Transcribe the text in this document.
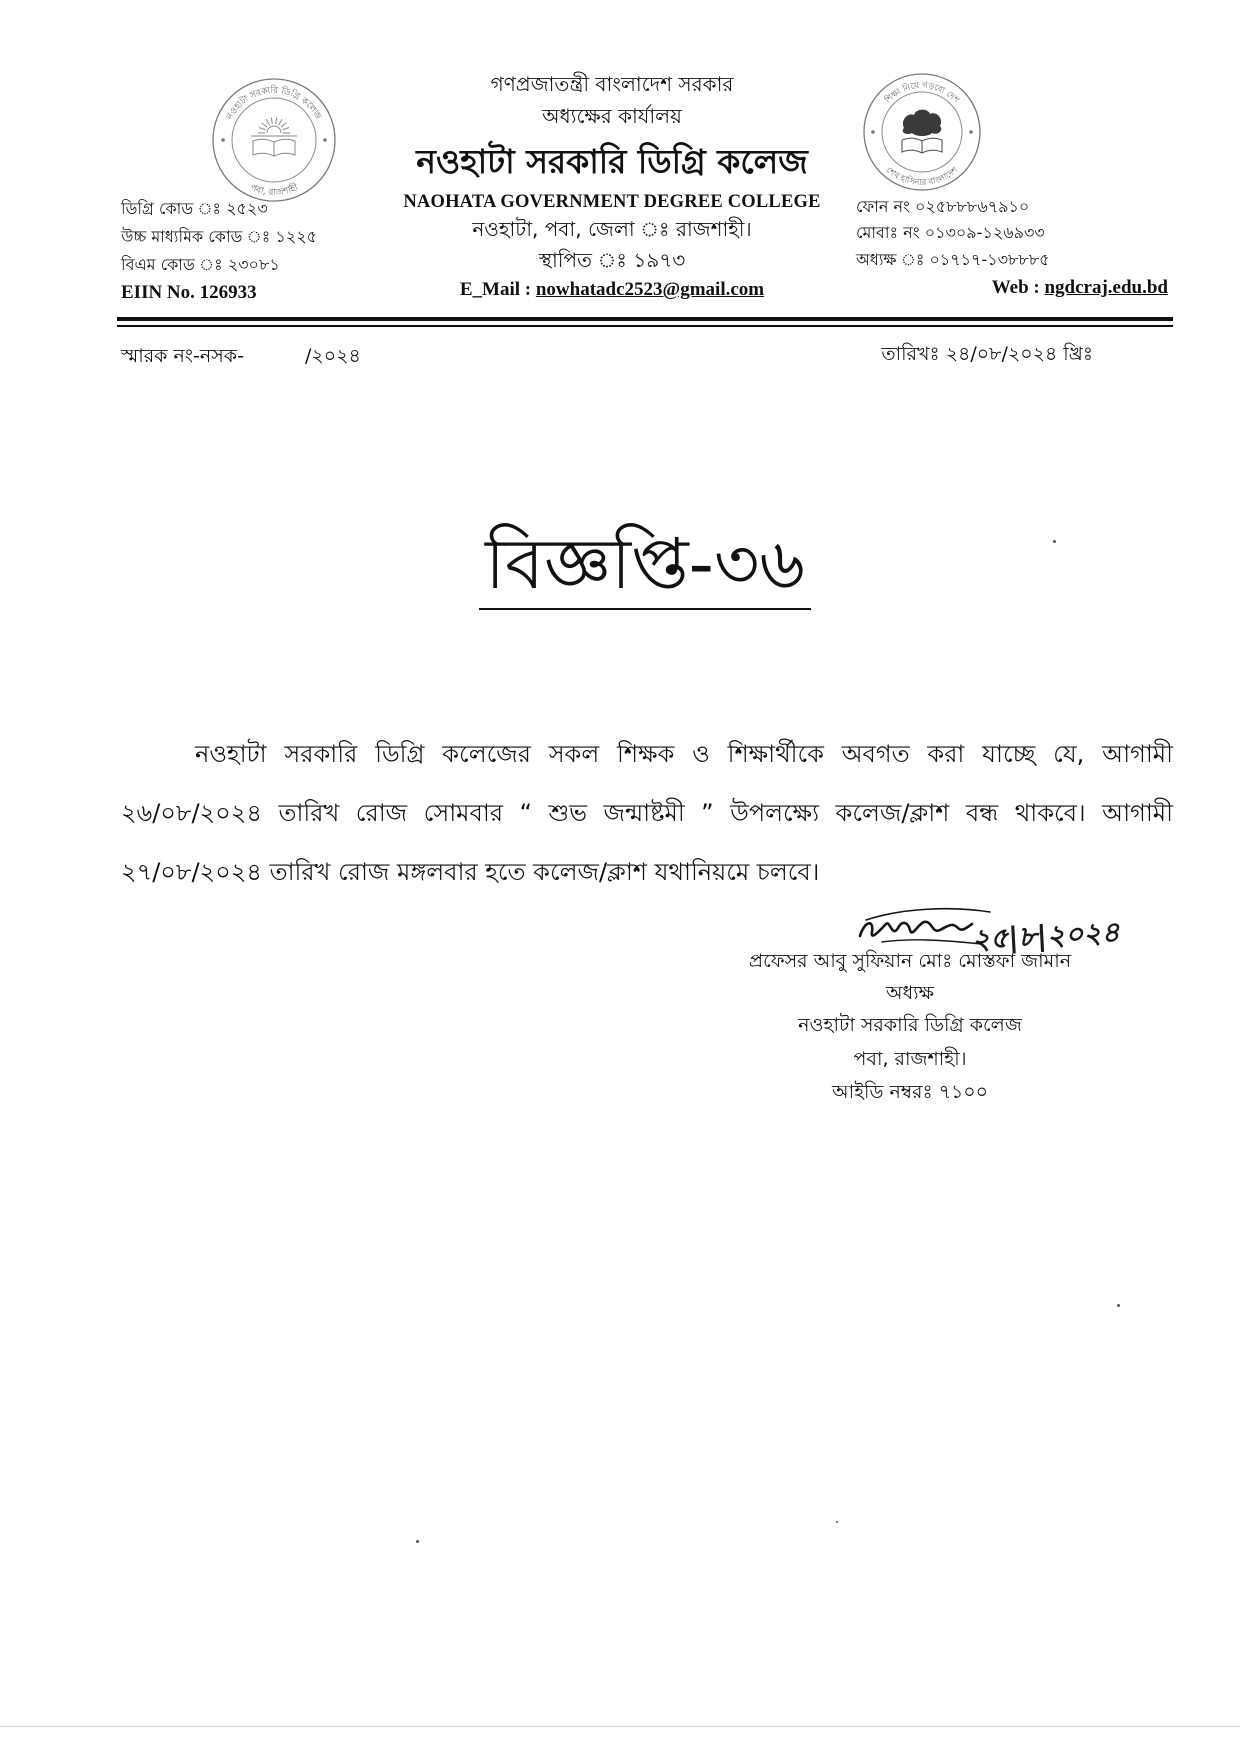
নওহাটা সরকারি ডিগ্রি কলেজ
পবা, রাজশাহী
শিক্ষা নিয়ে গড়বো দেশ
শেখ হাসিনার বাংলাদেশ
গণপ্রজাতন্ত্রী বাংলাদেশ সরকার
অধ্যক্ষের কার্যালয়
নওহাটা সরকারি ডিগ্রি কলেজ
NAOHATA GOVERNMENT DEGREE COLLEGE
নওহাটা, পবা, জেলা ঃ রাজশাহী।
স্থাপিত ঃ ১৯৭৩
E_Mail : nowhatadc2523@gmail.com
ডিগ্রি কোড ঃ ২৫২৩
উচ্চ মাধ্যমিক কোড ঃ ১২২৫
বিএম কোড ঃ ২৩০৮১
EIIN No. 126933
ফোন নং ০২৫৮৮৮৬৭৯১০
মোবাঃ নং ০১৩০৯-১২৬৯৩৩
অধ্যক্ষ ঃ ০১৭১৭-১৩৮৮৮৫
Web : ngdcraj.edu.bd
স্মারক নং-নসক-	/২০২৪	তারিখঃ ২৪/০৮/২০২৪ খ্রিঃ
বিজ্ঞপ্তি-৩৬

নওহাটা সরকারি ডিগ্রি কলেজের সকল শিক্ষক ও শিক্ষার্থীকে অবগত করা যাচ্ছে যে, আগামী ২৬/০৮/২০২৪ তারিখ রোজ সোমবার “ শুভ জন্মাষ্টমী ” উপলক্ষ্যে কলেজ/ক্লাশ বন্ধ থাকবে। আগামী ২৭/০৮/২০২৪ তারিখ রোজ মঙ্গলবার হতে কলেজ/ক্লাশ যথানিয়মে চলবে।

২৫|৮|২০২৪
প্রফেসর আবু সুফিয়ান মোঃ মোস্তফা জামান
অধ্যক্ষ
নওহাটা সরকারি ডিগ্রি কলেজ
পবা, রাজশাহী।
আইডি নম্বরঃ ৭১০০
